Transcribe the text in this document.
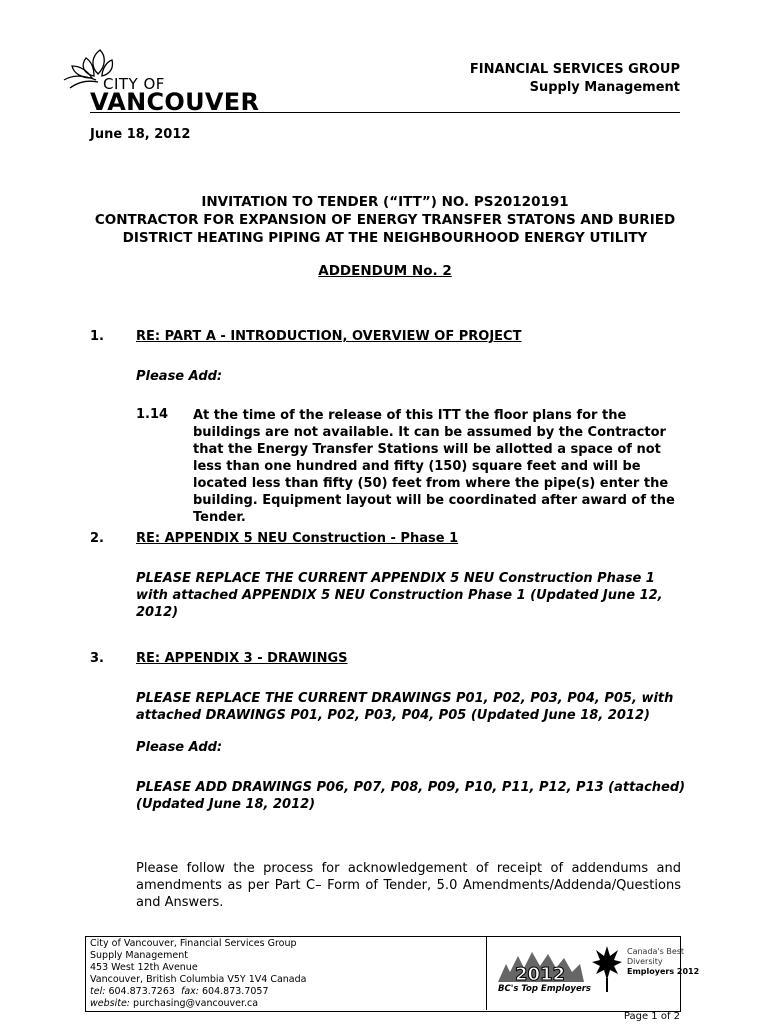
CITY OF
VANCOUVER
FINANCIAL SERVICES GROUP
Supply Management
June 18, 2012
INVITATION TO TENDER (“ITT”) NO. PS20120191
CONTRACTOR FOR EXPANSION OF ENERGY TRANSFER STATONS AND BURIED
DISTRICT HEATING PIPING AT THE NEIGHBOURHOOD ENERGY UTILITY
ADDENDUM No. 2
1. RE: PART A - INTRODUCTION, OVERVIEW OF PROJECT
Please Add:
1.14 At the time of the release of this ITT the floor plans for the buildings are not available. It can be assumed by the Contractor that the Energy Transfer Stations will be allotted a space of not less than one hundred and fifty (150) square feet and will be located less than fifty (50) feet from where the pipe(s) enter the building. Equipment layout will be coordinated after award of the Tender.
2. RE: APPENDIX 5 NEU Construction - Phase 1
PLEASE REPLACE THE CURRENT APPENDIX 5 NEU Construction Phase 1 with attached APPENDIX 5 NEU Construction Phase 1 (Updated June 12, 2012)
3. RE: APPENDIX 3 - DRAWINGS
PLEASE REPLACE THE CURRENT DRAWINGS P01, P02, P03, P04, P05, with attached DRAWINGS P01, P02, P03, P04, P05 (Updated June 18, 2012)
Please Add:
PLEASE ADD DRAWINGS P06, P07, P08, P09, P10, P11, P12, P13 (attached) (Updated June 18, 2012)
Please follow the process for acknowledgement of receipt of addendums and amendments as per Part C– Form of Tender, 5.0 Amendments/Addenda/Questions and Answers.
City of Vancouver, Financial Services Group
Supply Management
453 West 12th Avenue
Vancouver, British Columbia V5Y 1V4 Canada
tel: 604.873.7263 fax: 604.873.7057
website: purchasing@vancouver.ca
2012
BC's Top Employers
Canada's Best
Diversity
Employers 2012
Page 1 of 2
